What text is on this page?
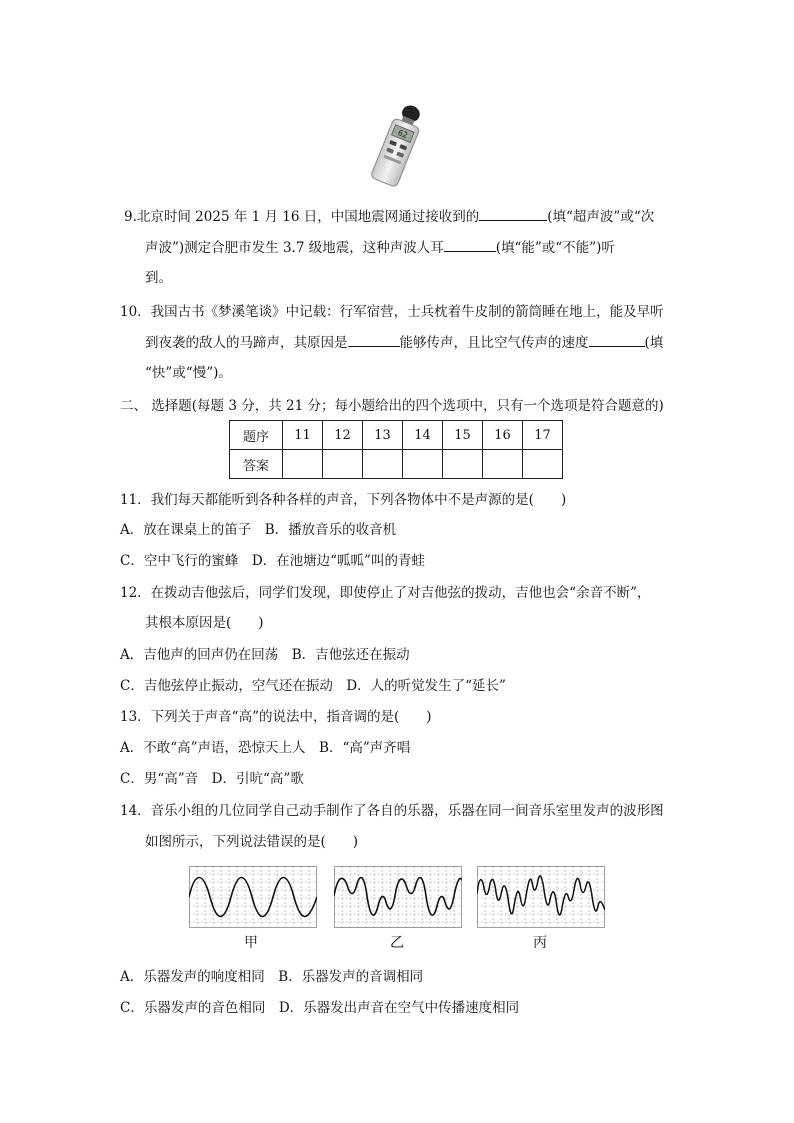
62
9.北京时间 2025 年 1 月 16 日，中国地震网通过接收到的	(填“超声波”或“次
声波”)测定合肥市发生 3.7 级地震，这种声波人耳	(填“能”或“不能”)听
到。
10．我国古书《梦溪笔谈》中记载：行军宿营，士兵枕着牛皮制的箭筒睡在地上，能及早听
到夜袭的敌人的马蹄声，其原因是	能够传声，且比空气传声的速度	(填
“快”或“慢”)。
二、 选择题(每题 3 分，共 21 分；每小题给出的四个选项中，只有一个选项是符合题意的)
题序	11	12	13	14	15	16	17
答案							
11．我们每天都能听到各种各样的声音，下列各物体中不是声源的是(　　)
A．放在课桌上的笛子　B．播放音乐的收音机
C．空中飞行的蜜蜂　D．在池塘边“呱呱”叫的青蛙
12．在拨动吉他弦后，同学们发现，即使停止了对吉他弦的拨动，吉他也会“余音不断”，
其根本原因是(　　)
A．吉他声的回声仍在回荡　B．吉他弦还在振动
C．吉他弦停止振动，空气还在振动　D．人的听觉发生了“延长”
13．下列关于声音“高”的说法中，指音调的是(　　)
A．不敢“高”声语，恐惊天上人　B．“高”声齐唱
C．男“高”音　D．引吭“高”歌
14．音乐小组的几位同学自己动手制作了各自的乐器，乐器在同一间音乐室里发声的波形图
如图所示，下列说法错误的是(　　)
甲	乙	丙
A．乐器发声的响度相同　B．乐器发声的音调相同
C．乐器发声的音色相同　D．乐器发出声音在空气中传播速度相同
